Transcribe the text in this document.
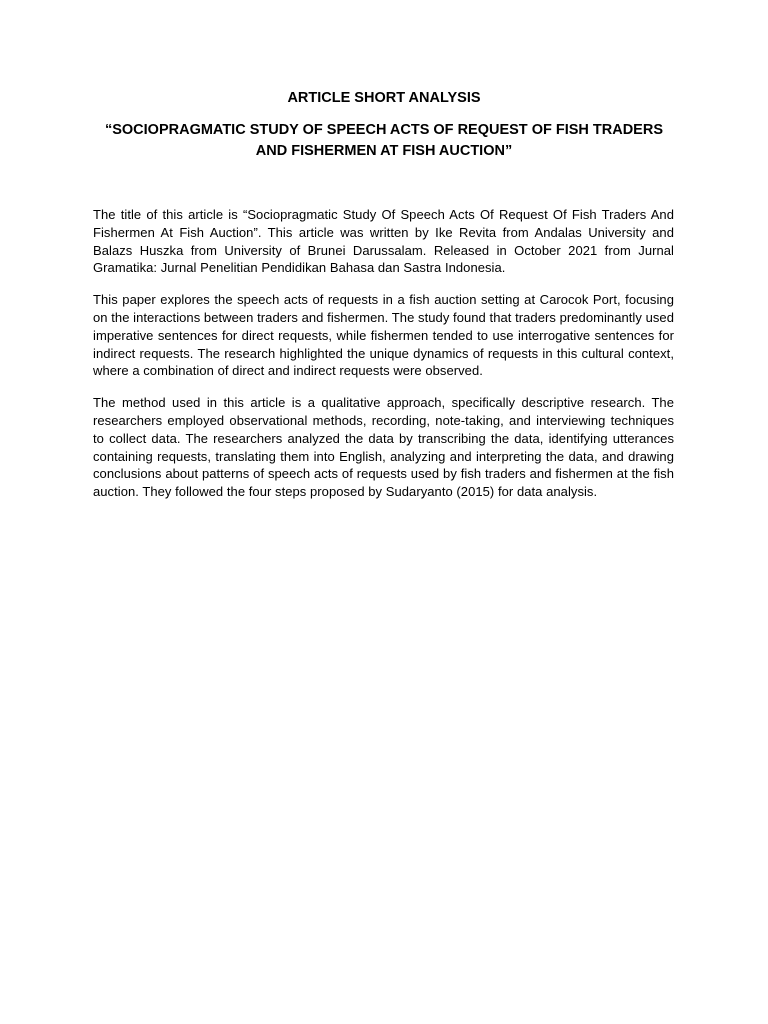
ARTICLE SHORT ANALYSIS
“SOCIOPRAGMATIC STUDY OF SPEECH ACTS OF REQUEST OF FISH TRADERS AND FISHERMEN AT FISH AUCTION”

The title of this article is “Sociopragmatic Study Of Speech Acts Of Request Of Fish Traders And Fishermen At Fish Auction”. This article was written by Ike Revita from Andalas University and Balazs Huszka from University of Brunei Darussalam. Released in October 2021 from Jurnal Gramatika: Jurnal Penelitian Pendidikan Bahasa dan Sastra Indonesia.

This paper explores the speech acts of requests in a fish auction setting at Carocok Port, focusing on the interactions between traders and fishermen. The study found that traders predominantly used imperative sentences for direct requests, while fishermen tended to use interrogative sentences for indirect requests. The research highlighted the unique dynamics of requests in this cultural context, where a combination of direct and indirect requests were observed.

The method used in this article is a qualitative approach, specifically descriptive research. The researchers employed observational methods, recording, note-taking, and interviewing techniques to collect data. The researchers analyzed the data by transcribing the data, identifying utterances containing requests, translating them into English, analyzing and interpreting the data, and drawing conclusions about patterns of speech acts of requests used by fish traders and fishermen at the fish auction. They followed the four steps proposed by Sudaryanto (2015) for data analysis.
